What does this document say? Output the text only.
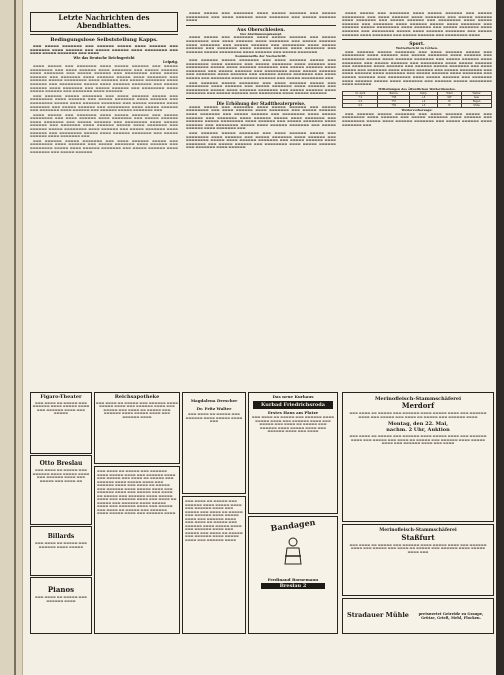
Letzte Nachrichten des Abendblattes.
Bedingungslose Selbststellung Kapps.

▬▬▬ ▬▬▬▬▬ ▬▬▬▬▬▬▬ ▬▬▬ ▬▬▬▬▬▬ ▬▬▬▬▬ ▬▬▬▬ ▬▬▬▬▬▬ ▬▬▬ ▬▬▬▬▬▬▬ ▬▬▬▬ ▬▬▬▬▬▬ ▬▬▬ ▬▬▬▬▬ ▬▬▬▬▬▬ ▬▬▬▬ ▬▬▬▬▬▬▬▬ ▬▬▬ ▬▬▬▬ ▬▬▬▬▬ ▬▬▬▬▬▬▬ ▬▬▬ ▬▬▬▬

Wie das Deutsche Reichsgericht
Leipzig.

▬▬▬▬ ▬▬▬▬▬ ▬▬▬ ▬▬▬▬▬▬▬ ▬▬▬▬ ▬▬▬▬▬ ▬▬▬▬▬▬ ▬▬▬ ▬▬▬▬▬ ▬▬▬▬▬▬▬▬ ▬▬▬ ▬▬▬▬ ▬▬▬▬▬▬ ▬▬▬▬ ▬▬▬▬▬▬▬ ▬▬▬ ▬▬▬▬▬ ▬▬▬▬▬▬ ▬▬▬▬ ▬▬▬▬▬▬▬ ▬▬▬ ▬▬▬▬▬ ▬▬▬▬▬▬ ▬▬▬ ▬▬▬▬▬▬▬▬ ▬▬▬▬ ▬▬▬▬▬ ▬▬▬▬▬▬ ▬▬▬ ▬▬▬▬▬▬▬ ▬▬▬▬ ▬▬▬▬▬▬ ▬▬▬▬▬ ▬▬▬▬ ▬▬▬▬▬▬▬ ▬▬▬ ▬▬▬▬▬▬ ▬▬▬▬▬ ▬▬▬▬▬▬▬▬ ▬▬▬▬ ▬▬▬▬▬▬ ▬▬▬ ▬▬▬▬▬ ▬▬▬▬▬▬▬ ▬▬▬▬ ▬▬▬▬▬▬ ▬▬▬ ▬▬▬▬▬▬▬▬ ▬▬▬▬▬ ▬▬▬▬ ▬▬▬▬▬▬ ▬▬▬▬▬▬▬ ▬▬▬ ▬▬▬▬▬ ▬▬▬▬▬▬ ▬▬▬▬ ▬▬▬▬▬▬▬ ▬▬▬ ▬▬▬▬▬ ▬▬▬▬▬▬ ▬▬▬ ▬▬▬▬▬▬▬▬ ▬▬▬▬ ▬▬▬▬▬ ▬▬▬▬▬▬ ▬▬▬ ▬▬▬▬▬▬▬ ▬▬▬▬ ▬▬▬▬▬▬

▬▬▬ ▬▬▬▬▬▬ ▬▬▬▬▬ ▬▬▬▬▬▬▬ ▬▬▬ ▬▬▬▬ ▬▬▬▬▬▬ ▬▬▬▬▬ ▬▬▬ ▬▬▬▬▬▬▬▬ ▬▬▬▬ ▬▬▬▬▬▬ ▬▬▬ ▬▬▬▬▬ ▬▬▬▬▬▬▬ ▬▬▬▬ ▬▬▬▬▬▬ ▬▬▬ ▬▬▬▬▬▬▬▬ ▬▬▬▬▬ ▬▬▬▬ ▬▬▬▬▬▬ ▬▬▬▬▬▬▬ ▬▬▬ ▬▬▬▬▬ ▬▬▬▬▬▬ ▬▬▬▬ ▬▬▬▬▬▬▬ ▬▬▬ ▬▬▬▬▬ ▬▬▬▬▬▬ ▬▬▬ ▬▬▬▬▬▬▬▬ ▬▬▬▬ ▬▬▬▬▬ ▬▬▬▬▬▬ ▬▬▬ ▬▬▬▬▬▬▬ ▬▬▬▬ ▬▬▬▬▬▬ ▬▬▬ ▬▬▬▬▬▬ ▬▬▬▬▬ ▬▬▬▬▬▬▬ ▬▬▬

▬▬▬▬ ▬▬▬▬▬ ▬▬▬ ▬▬▬▬▬▬▬ ▬▬▬▬ ▬▬▬▬▬ ▬▬▬▬▬▬ ▬▬▬ ▬▬▬▬▬ ▬▬▬▬▬▬▬▬ ▬▬▬ ▬▬▬▬ ▬▬▬▬▬▬ ▬▬▬▬ ▬▬▬▬▬▬▬ ▬▬▬ ▬▬▬▬▬ ▬▬▬▬▬▬ ▬▬▬▬ ▬▬▬▬▬▬▬ ▬▬▬ ▬▬▬▬▬ ▬▬▬▬▬▬ ▬▬▬ ▬▬▬▬▬▬▬▬ ▬▬▬▬ ▬▬▬▬▬ ▬▬▬▬▬▬ ▬▬▬ ▬▬▬▬▬▬▬ ▬▬▬▬ ▬▬▬▬▬▬ ▬▬▬▬▬ ▬▬▬▬ ▬▬▬▬▬▬▬ ▬▬▬ ▬▬▬▬▬▬ ▬▬▬▬▬ ▬▬▬▬▬▬▬▬ ▬▬▬▬ ▬▬▬▬▬▬ ▬▬▬ ▬▬▬▬▬ ▬▬▬▬▬▬▬ ▬▬▬▬ ▬▬▬▬▬▬ ▬▬▬ ▬▬▬▬▬▬▬▬ ▬▬▬▬▬ ▬▬▬▬ ▬▬▬▬▬▬ ▬▬▬▬▬▬▬ ▬▬▬ ▬▬▬▬▬ ▬▬▬▬▬▬ ▬▬▬▬ ▬▬▬▬▬▬▬ ▬▬▬

▬▬▬ ▬▬▬▬▬▬ ▬▬▬▬▬ ▬▬▬▬▬▬▬ ▬▬▬ ▬▬▬▬ ▬▬▬▬▬▬ ▬▬▬▬▬ ▬▬▬ ▬▬▬▬▬▬▬▬ ▬▬▬▬ ▬▬▬▬▬▬ ▬▬▬ ▬▬▬▬▬ ▬▬▬▬▬▬▬ ▬▬▬▬ ▬▬▬▬▬▬ ▬▬▬ ▬▬▬▬▬▬▬▬ ▬▬▬▬▬ ▬▬▬▬ ▬▬▬▬▬▬ ▬▬▬▬▬▬▬ ▬▬▬ ▬▬▬▬▬ ▬▬▬▬▬▬ ▬▬▬▬ ▬▬▬▬▬▬▬ ▬▬▬ ▬▬▬▬▬ ▬▬▬▬▬▬

▬▬▬▬ ▬▬▬▬▬ ▬▬▬ ▬▬▬▬▬▬▬ ▬▬▬▬ ▬▬▬▬▬ ▬▬▬▬▬▬ ▬▬▬ ▬▬▬▬▬ ▬▬▬▬▬▬▬▬ ▬▬▬ ▬▬▬▬ ▬▬▬▬▬▬ ▬▬▬▬ ▬▬▬▬▬▬▬ ▬▬▬ ▬▬▬▬▬ ▬▬▬▬▬▬ ▬▬▬▬

Aus Oberschlesien.
Der Abstimmungskampf.

▬▬▬▬ ▬▬▬▬▬ ▬▬▬ ▬▬▬▬▬▬▬ ▬▬▬▬ ▬▬▬▬▬ ▬▬▬▬▬▬ ▬▬▬ ▬▬▬▬▬ ▬▬▬▬▬▬▬▬ ▬▬▬ ▬▬▬▬ ▬▬▬▬▬▬ ▬▬▬▬ ▬▬▬▬▬▬▬ ▬▬▬ ▬▬▬▬▬ ▬▬▬▬▬▬ ▬▬▬▬ ▬▬▬▬▬▬▬ ▬▬▬ ▬▬▬▬▬ ▬▬▬▬▬▬ ▬▬▬ ▬▬▬▬▬▬▬▬ ▬▬▬▬ ▬▬▬▬▬ ▬▬▬▬▬▬ ▬▬▬ ▬▬▬▬▬▬▬ ▬▬▬▬ ▬▬▬▬▬▬ ▬▬▬▬▬ ▬▬▬▬ ▬▬▬▬▬▬▬ ▬▬▬ ▬▬▬▬▬▬ ▬▬▬▬▬ ▬▬▬▬▬▬▬▬ ▬▬▬▬ ▬▬▬▬▬▬ ▬▬▬ ▬▬▬▬▬ ▬▬▬▬▬▬▬

Kommunalfte der Nachschrift.

▬▬▬ ▬▬▬▬▬▬ ▬▬▬▬▬ ▬▬▬▬▬▬▬ ▬▬▬ ▬▬▬▬ ▬▬▬▬▬▬ ▬▬▬▬▬ ▬▬▬ ▬▬▬▬▬▬▬▬ ▬▬▬▬ ▬▬▬▬▬▬ ▬▬▬ ▬▬▬▬▬ ▬▬▬▬▬▬▬ ▬▬▬▬ ▬▬▬▬▬▬ ▬▬▬ ▬▬▬▬▬▬▬▬ ▬▬▬▬▬ ▬▬▬▬ ▬▬▬▬▬▬ ▬▬▬▬▬▬▬ ▬▬▬ ▬▬▬▬▬ ▬▬▬▬▬▬ ▬▬▬▬ ▬▬▬▬▬▬▬ ▬▬▬ ▬▬▬▬▬ ▬▬▬▬▬▬ ▬▬▬ ▬▬▬▬▬▬▬▬ ▬▬▬▬ ▬▬▬▬▬ ▬▬▬▬▬▬ ▬▬▬ ▬▬▬▬▬▬▬ ▬▬▬▬ ▬▬▬▬▬▬ ▬▬▬ ▬▬▬▬▬▬ ▬▬▬▬▬ ▬▬▬▬▬▬▬ ▬▬▬ ▬▬▬▬ ▬▬▬▬▬ ▬▬▬ ▬▬▬▬▬▬▬ ▬▬▬▬ ▬▬▬▬▬ ▬▬▬▬▬▬ ▬▬▬ ▬▬▬▬▬ ▬▬▬▬▬▬▬▬ ▬▬▬

▬▬▬ ▬▬▬▬▬▬ ▬▬▬▬▬ ▬▬▬▬▬▬▬ ▬▬▬ ▬▬▬▬ ▬▬▬▬▬▬ ▬▬▬▬▬ ▬▬▬ ▬▬▬▬▬▬▬▬ ▬▬▬▬ ▬▬▬▬▬▬ ▬▬▬ ▬▬▬▬▬ ▬▬▬▬▬▬▬ ▬▬▬▬ ▬▬▬▬▬▬ ▬▬▬ ▬▬▬▬▬▬▬▬ ▬▬▬▬▬ ▬▬▬▬ ▬▬▬▬▬▬ ▬▬▬▬▬▬▬ ▬▬▬ ▬▬▬▬▬ ▬▬▬▬▬▬ ▬▬▬▬ ▬▬▬▬▬▬▬ ▬▬▬ ▬▬▬▬▬ ▬▬▬▬▬▬ ▬▬▬ ▬▬▬▬▬▬▬▬ ▬▬▬▬ ▬▬▬▬▬ ▬▬▬▬▬▬

Die Erhöhung der Stadttheaterpreise.

▬▬▬▬ ▬▬▬▬▬ ▬▬▬ ▬▬▬▬▬▬▬ ▬▬▬▬ ▬▬▬▬▬ ▬▬▬▬▬▬ ▬▬▬ ▬▬▬▬▬ ▬▬▬▬▬▬▬▬ ▬▬▬ ▬▬▬▬ ▬▬▬▬▬▬ ▬▬▬▬ ▬▬▬▬▬▬▬ ▬▬▬ ▬▬▬▬▬ ▬▬▬▬▬▬ ▬▬▬▬ ▬▬▬▬▬▬▬ ▬▬▬ ▬▬▬▬▬ ▬▬▬▬▬▬ ▬▬▬ ▬▬▬▬▬▬▬▬ ▬▬▬▬ ▬▬▬▬▬ ▬▬▬▬▬▬ ▬▬▬ ▬▬▬▬▬▬▬ ▬▬▬▬ ▬▬▬▬▬▬ ▬▬▬▬▬ ▬▬▬▬ ▬▬▬▬▬▬▬ ▬▬▬ ▬▬▬▬▬▬ ▬▬▬▬▬ ▬▬▬▬▬▬▬▬ ▬▬▬▬ ▬▬▬▬▬▬ ▬▬▬ ▬▬▬▬▬ ▬▬▬▬▬▬▬ ▬▬▬▬ ▬▬▬▬▬▬ ▬▬▬ ▬▬▬▬▬▬▬▬ ▬▬▬▬▬ ▬▬▬▬ ▬▬▬▬▬▬ ▬▬▬▬▬▬▬ ▬▬▬ ▬▬▬▬▬ ▬▬▬▬▬▬ ▬▬▬▬ ▬▬▬▬▬▬▬ ▬▬▬

▬▬▬ ▬▬▬▬▬▬ ▬▬▬▬▬ ▬▬▬▬▬▬▬ ▬▬▬ ▬▬▬▬ ▬▬▬▬▬▬ ▬▬▬▬▬ ▬▬▬ ▬▬▬▬▬▬▬▬ ▬▬▬▬ ▬▬▬▬▬▬ ▬▬▬ ▬▬▬▬▬ ▬▬▬▬▬▬▬ ▬▬▬▬ ▬▬▬▬▬▬ ▬▬▬ ▬▬▬▬▬▬▬▬ ▬▬▬▬▬ ▬▬▬▬ ▬▬▬▬▬▬ ▬▬▬▬▬▬▬ ▬▬▬ ▬▬▬▬▬ ▬▬▬▬▬▬ ▬▬▬▬ ▬▬▬▬▬▬▬ ▬▬▬ ▬▬▬▬▬ ▬▬▬▬▬▬ ▬▬▬ ▬▬▬▬▬▬▬▬ ▬▬▬▬ ▬▬▬▬▬ ▬▬▬▬▬▬ ▬▬▬ ▬▬▬▬▬▬▬ ▬▬▬▬ ▬▬▬▬▬▬

▬▬▬▬ ▬▬▬▬▬ ▬▬▬ ▬▬▬▬▬▬▬ ▬▬▬▬ ▬▬▬▬▬ ▬▬▬▬▬▬ ▬▬▬ ▬▬▬▬▬ ▬▬▬▬▬▬▬▬ ▬▬▬ ▬▬▬▬ ▬▬▬▬▬▬ ▬▬▬▬ ▬▬▬▬▬▬▬ ▬▬▬ ▬▬▬▬▬ ▬▬▬▬▬▬ ▬▬▬▬ ▬▬▬▬▬▬▬ ▬▬▬ ▬▬▬▬▬ ▬▬▬▬▬▬ ▬▬▬ ▬▬▬▬▬▬▬▬ ▬▬▬▬ ▬▬▬▬▬ ▬▬▬▬▬▬ ▬▬▬ ▬▬▬▬▬▬▬ ▬▬▬▬ ▬▬▬▬▬▬ ▬▬▬▬▬ ▬▬▬▬ ▬▬▬▬▬▬▬ ▬▬▬ ▬▬▬▬▬▬ ▬▬▬▬▬ ▬▬▬▬▬▬▬▬ ▬▬▬▬ ▬▬▬▬▬▬ ▬▬▬ ▬▬▬▬▬ ▬▬▬▬▬▬▬ ▬▬▬▬ ▬▬▬▬▬▬ ▬▬▬ ▬▬▬▬▬▬▬▬ ▬▬▬▬▬ ▬▬▬▬ ▬▬▬▬▬▬ ▬▬▬▬▬▬▬ ▬▬▬ ▬▬▬▬▬ ▬▬▬▬▬▬ ▬▬▬▬ ▬▬▬▬▬▬▬ ▬▬▬ ▬▬▬▬▬ ▬▬▬▬▬▬ ▬▬▬ ▬▬▬▬▬▬▬▬ ▬▬▬▬

Sport.
Wetterbericht in Cöthen.

▬▬▬ ▬▬▬▬▬▬ ▬▬▬▬▬ ▬▬▬▬▬▬▬ ▬▬▬ ▬▬▬▬ ▬▬▬▬▬▬ ▬▬▬▬▬ ▬▬▬ ▬▬▬▬▬▬▬▬ ▬▬▬▬ ▬▬▬▬▬▬ ▬▬▬ ▬▬▬▬▬ ▬▬▬▬▬▬▬ ▬▬▬▬ ▬▬▬▬▬▬ ▬▬▬ ▬▬▬▬▬▬▬▬ ▬▬▬▬▬ ▬▬▬▬ ▬▬▬▬▬▬ ▬▬▬▬▬▬▬ ▬▬▬ ▬▬▬▬▬ ▬▬▬▬▬▬ ▬▬▬▬ ▬▬▬▬▬▬▬ ▬▬▬ ▬▬▬▬▬ ▬▬▬▬▬▬ ▬▬▬ ▬▬▬▬▬▬▬▬ ▬▬▬▬ ▬▬▬▬▬ ▬▬▬▬▬▬ ▬▬▬ ▬▬▬▬▬▬▬ ▬▬▬▬ ▬▬▬▬▬▬ ▬▬▬ ▬▬▬▬▬▬ ▬▬▬▬▬ ▬▬▬▬▬▬▬ ▬▬▬ ▬▬▬▬ ▬▬▬▬▬ ▬▬▬ ▬▬▬▬▬▬▬ ▬▬▬▬ ▬▬▬▬▬ ▬▬▬▬▬▬ ▬▬▬ ▬▬▬▬▬ ▬▬▬▬▬▬▬▬ ▬▬▬ ▬▬▬▬ ▬▬▬▬▬▬ ▬▬▬▬ ▬▬▬▬▬▬▬ ▬▬▬ ▬▬▬▬▬ ▬▬▬▬▬▬ ▬▬▬▬ ▬▬▬▬▬▬▬ ▬▬▬ ▬▬▬▬▬ ▬▬▬▬▬▬ ▬▬▬ ▬▬▬▬▬▬▬▬ ▬▬▬▬ ▬▬▬▬▬ ▬▬▬▬▬▬ ▬▬▬ ▬▬▬▬▬▬▬ ▬▬▬▬ ▬▬▬▬▬▬ ▬▬▬▬▬ ▬▬▬▬ ▬▬▬▬▬▬▬ ▬▬▬ ▬▬▬▬▬▬ ▬▬▬▬▬ ▬▬▬▬▬▬▬▬ ▬▬▬▬ ▬▬▬▬▬▬

Mitteilungen des öffentlichen Wetterdienstes.
St. April	Barom.	Temp.	Wind	Wetter
7 h	758	+5	SW	bew.
2 h	757	+9	W	Regen
9 h	756	+6	W	trübe
Wettervorhersage:

▬▬▬ ▬▬▬▬▬▬ ▬▬▬▬▬ ▬▬▬▬▬▬▬ ▬▬▬ ▬▬▬▬ ▬▬▬▬▬▬ ▬▬▬▬▬ ▬▬▬ ▬▬▬▬▬▬▬▬ ▬▬▬▬ ▬▬▬▬▬▬ ▬▬▬ ▬▬▬▬▬ ▬▬▬▬▬▬▬ ▬▬▬▬ ▬▬▬▬▬▬ ▬▬▬ ▬▬▬▬▬▬▬▬ ▬▬▬▬▬ ▬▬▬▬ ▬▬▬▬▬▬ ▬▬▬▬▬▬▬ ▬▬▬ ▬▬▬▬▬ ▬▬▬▬▬▬ ▬▬▬▬ ▬▬▬▬▬▬▬ ▬▬▬

Figaro-Theater
▬▬▬ ▬▬▬▬ ▬▬ ▬▬▬▬▬ ▬▬▬ ▬▬▬▬▬▬ ▬▬▬▬ ▬▬▬▬▬ ▬▬▬▬ ▬▬▬ ▬▬▬▬▬▬ ▬▬▬▬ ▬▬▬ ▬▬▬▬▬
Otto Breslau
▬▬▬ ▬▬▬▬ ▬▬ ▬▬▬▬▬ ▬▬▬ ▬▬▬▬▬▬ ▬▬▬▬ ▬▬▬▬▬ ▬▬▬▬ ▬▬▬ ▬▬▬▬▬▬ ▬▬▬▬ ▬▬▬ ▬▬▬▬▬ ▬▬▬ ▬▬▬▬ ▬▬
Billards
▬▬▬ ▬▬▬▬ ▬▬ ▬▬▬▬▬ ▬▬▬ ▬▬▬▬▬▬ ▬▬▬▬ ▬▬▬▬▬
Pianos
▬▬▬ ▬▬▬▬ ▬▬ ▬▬▬▬▬ ▬▬▬ ▬▬▬▬▬▬ ▬▬▬▬
Reichsapotheke
▬▬▬ ▬▬▬▬ ▬▬ ▬▬▬▬▬ ▬▬▬ ▬▬▬▬▬▬ ▬▬▬▬ ▬▬▬▬▬ ▬▬▬▬ ▬▬▬ ▬▬▬▬▬▬ ▬▬▬▬ ▬▬▬ ▬▬▬▬▬ ▬▬▬ ▬▬▬▬ ▬▬ ▬▬▬▬▬ ▬▬▬ ▬▬▬▬▬▬ ▬▬▬▬ ▬▬▬▬▬ ▬▬▬▬ ▬▬▬ ▬▬▬▬▬▬ ▬▬▬▬
▬▬▬ ▬▬▬▬ ▬▬ ▬▬▬▬▬ ▬▬▬ ▬▬▬▬▬▬ ▬▬▬▬ ▬▬▬▬▬ ▬▬▬▬ ▬▬▬ ▬▬▬▬▬▬ ▬▬▬▬ ▬▬▬ ▬▬▬▬▬ ▬▬▬ ▬▬▬▬ ▬▬ ▬▬▬▬▬ ▬▬▬ ▬▬▬▬▬▬ ▬▬▬▬ ▬▬▬▬▬ ▬▬▬▬ ▬▬▬ ▬▬▬▬▬▬ ▬▬▬▬ ▬▬▬ ▬▬▬▬ ▬▬ ▬▬▬▬▬ ▬▬▬ ▬▬▬▬▬▬ ▬▬▬▬ ▬▬▬▬▬ ▬▬▬▬ ▬▬▬ ▬▬▬▬▬▬ ▬▬▬▬ ▬▬▬ ▬▬▬▬▬ ▬▬▬ ▬▬▬▬ ▬▬ ▬▬▬▬▬ ▬▬▬ ▬▬▬▬▬▬ ▬▬▬▬ ▬▬▬▬▬ ▬▬▬▬ ▬▬▬ ▬▬▬▬▬▬ ▬▬▬▬ ▬▬▬ ▬▬▬▬ ▬▬ ▬▬▬▬▬ ▬▬▬ ▬▬▬▬▬▬ ▬▬▬▬ ▬▬▬▬▬ ▬▬▬▬ ▬▬▬ ▬▬▬▬▬▬ ▬▬▬▬ ▬▬▬ ▬▬▬▬▬ ▬▬▬ ▬▬▬▬ ▬▬ ▬▬▬▬▬ ▬▬▬ ▬▬▬▬▬▬ ▬▬▬▬ ▬▬▬▬▬ ▬▬▬▬ ▬▬▬ ▬▬▬▬▬▬ ▬▬▬▬
Magdalena Drescher
Dr. Fritz Walter
▬▬▬ ▬▬▬▬ ▬▬ ▬▬▬▬▬ ▬▬▬ ▬▬▬▬▬▬ ▬▬▬▬ ▬▬▬▬▬ ▬▬▬▬ ▬▬▬
▬▬▬ ▬▬▬▬ ▬▬ ▬▬▬▬▬ ▬▬▬ ▬▬▬▬▬▬ ▬▬▬▬ ▬▬▬▬▬ ▬▬▬▬ ▬▬▬ ▬▬▬▬▬▬ ▬▬▬▬ ▬▬▬ ▬▬▬▬▬ ▬▬▬ ▬▬▬▬ ▬▬ ▬▬▬▬▬ ▬▬▬ ▬▬▬▬▬▬ ▬▬▬▬ ▬▬▬▬▬ ▬▬▬▬ ▬▬▬ ▬▬▬▬▬▬ ▬▬▬▬ ▬▬▬ ▬▬▬▬ ▬▬ ▬▬▬▬▬ ▬▬▬ ▬▬▬▬▬▬ ▬▬▬▬ ▬▬▬▬▬ ▬▬▬▬ ▬▬▬ ▬▬▬▬▬▬ ▬▬▬▬ ▬▬▬ ▬▬▬▬▬ ▬▬▬ ▬▬▬▬ ▬▬ ▬▬▬▬▬ ▬▬▬ ▬▬▬▬▬▬ ▬▬▬▬ ▬▬▬▬▬ ▬▬▬▬ ▬▬▬ ▬▬▬▬▬▬ ▬▬▬▬
Das neue Kurhaus
Kurbad Friedrichsroda
Erstes Haus am Platze
▬▬▬ ▬▬▬▬ ▬▬ ▬▬▬▬▬ ▬▬▬ ▬▬▬▬▬▬ ▬▬▬▬ ▬▬▬▬▬ ▬▬▬▬ ▬▬▬ ▬▬▬▬▬▬ ▬▬▬▬ ▬▬▬ ▬▬▬▬▬ ▬▬▬ ▬▬▬▬ ▬▬ ▬▬▬▬▬ ▬▬▬ ▬▬▬▬▬▬ ▬▬▬▬ ▬▬▬▬▬ ▬▬▬▬ ▬▬▬ ▬▬▬▬▬▬ ▬▬▬▬ ▬▬▬ ▬▬▬▬
Bandagen
Ferdinand Bornemann
Breslau 2
Merinofleisch-Stammschäferei
Merdorf
▬▬▬ ▬▬▬▬ ▬▬ ▬▬▬▬▬ ▬▬▬ ▬▬▬▬▬▬ ▬▬▬▬ ▬▬▬▬▬ ▬▬▬▬ ▬▬▬ ▬▬▬▬▬▬ ▬▬▬▬ ▬▬▬ ▬▬▬▬▬ ▬▬▬ ▬▬▬▬ ▬▬ ▬▬▬▬▬ ▬▬▬ ▬▬▬▬▬▬ ▬▬▬▬
Montag, den 22. Mai,
nachm. 2 Uhr, Auktion
▬▬▬ ▬▬▬▬ ▬▬ ▬▬▬▬▬ ▬▬▬ ▬▬▬▬▬▬ ▬▬▬▬ ▬▬▬▬▬ ▬▬▬▬ ▬▬▬ ▬▬▬▬▬▬ ▬▬▬▬ ▬▬▬ ▬▬▬▬▬ ▬▬▬ ▬▬▬▬ ▬▬ ▬▬▬▬▬ ▬▬▬ ▬▬▬▬▬▬ ▬▬▬▬ ▬▬▬▬▬ ▬▬▬▬ ▬▬▬ ▬▬▬▬▬▬ ▬▬▬▬ ▬▬▬ ▬▬▬▬
Merinofleisch-Stammschäferei
Staßfurt
▬▬▬ ▬▬▬▬ ▬▬ ▬▬▬▬▬ ▬▬▬ ▬▬▬▬▬▬ ▬▬▬▬ ▬▬▬▬▬ ▬▬▬▬ ▬▬▬ ▬▬▬▬▬▬ ▬▬▬▬ ▬▬▬ ▬▬▬▬▬ ▬▬▬ ▬▬▬▬ ▬▬ ▬▬▬▬▬ ▬▬▬ ▬▬▬▬▬▬ ▬▬▬▬ ▬▬▬▬▬ ▬▬▬▬ ▬▬▬
Stradauer Mühle	preiswertet Getreide zu Graupe, Grütze, Grieß, Mehl, Flocken.
